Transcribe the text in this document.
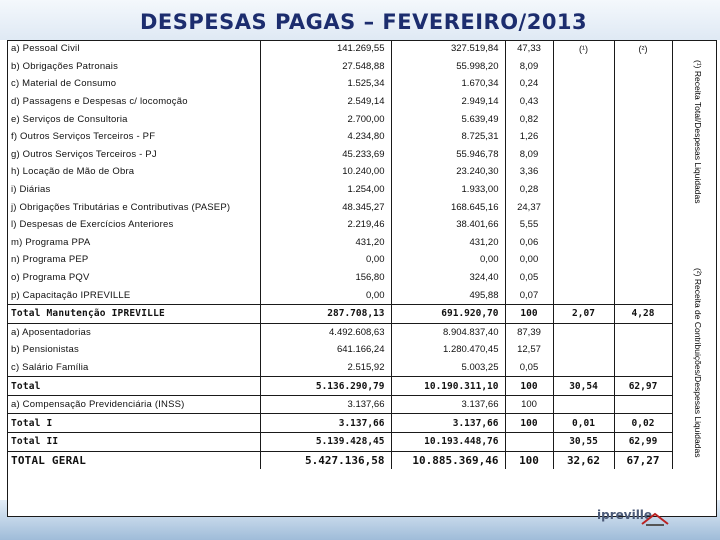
DESPESAS PAGAS – FEVEREIRO/2013
a) Pessoal Civil	141.269,55	327.519,84	47,33	(¹)	(²)
b) Obrigações Patronais	27.548,88	55.998,20	8,09		
c) Material de Consumo	1.525,34	1.670,34	0,24		
d) Passagens e Despesas c/ locomoção	2.549,14	2.949,14	0,43		
e) Serviços de Consultoria	2.700,00	5.639,49	0,82		
f) Outros Serviços Terceiros - PF	4.234,80	8.725,31	1,26		
g) Outros Serviços Terceiros - PJ	45.233,69	55.946,78	8,09		
h) Locação de Mão de Obra	10.240,00	23.240,30	3,36		
i) Diárias	1.254,00	1.933,00	0,28		
j) Obrigações Tributárias e Contributivas (PASEP)	48.345,27	168.645,16	24,37		
l) Despesas de Exercícios Anteriores	2.219,46	38.401,66	5,55		
m) Programa PPA	431,20	431,20	0,06		
n) Programa PEP	0,00	0,00	0,00		
o) Programa PQV	156,80	324,40	0,05		
p) Capacitação IPREVILLE	0,00	495,88	0,07		
Total Manutenção IPREVILLE	287.708,13	691.920,70	100	2,07	4,28
a) Aposentadorias	4.492.608,63	8.904.837,40	87,39		
b) Pensionistas	641.166,24	1.280.470,45	12,57		
c) Salário Família	2.515,92	5.003,25	0,05		
Total	5.136.290,79	10.190.311,10	100	30,54	62,97
a) Compensação Previdenciária (INSS)	3.137,66	3.137,66	100		
Total I	3.137,66	3.137,66	100	0,01	0,02
Total II	5.139.428,45	10.193.448,76		30,55	62,99
TOTAL GERAL	5.427.136,58	10.885.369,46	100	32,62	67,27
(¹) Receita Total/Despesas Liquidadas
(²) Receita de Contribuições/Despesas Liquidadas
ipreville
